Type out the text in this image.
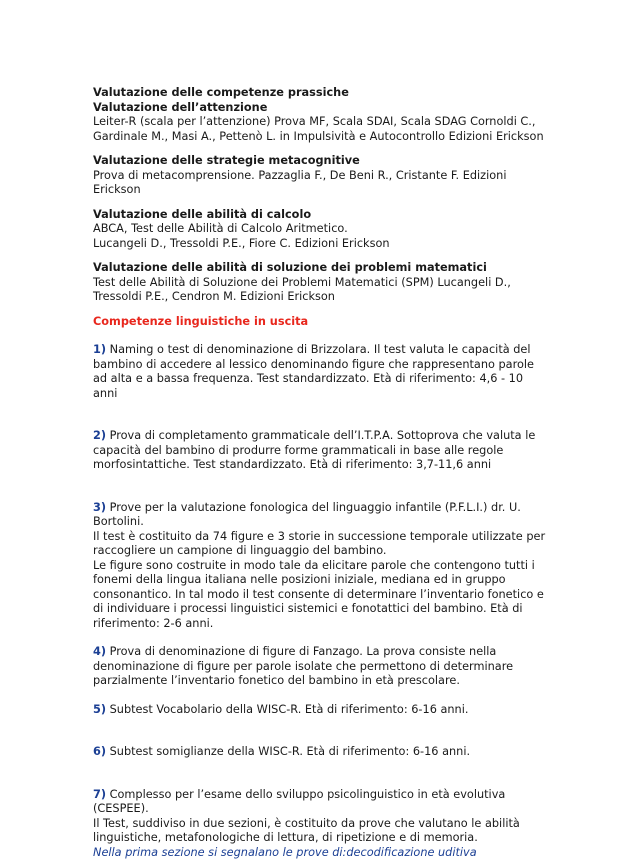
Valutazione delle competenze prassiche

Valutazione dell’attenzione

Leiter-R (scala per l’attenzione) Prova MF, Scala SDAI, Scala SDAG Cornoldi C., Gardinale M., Masi A., Pettenò L. in Impulsività e Autocontrollo Edizioni Erickson

Valutazione delle strategie metacognitive

Prova di metacomprensione. Pazzaglia F., De Beni R., Cristante F. Edizioni Erickson

Valutazione delle abilità di calcolo

ABCA, Test delle Abilità di Calcolo Aritmetico.

Lucangeli D., Tressoldi P.E., Fiore C. Edizioni Erickson

Valutazione delle abilità di soluzione dei problemi matematici

Test delle Abilità di Soluzione dei Problemi Matematici (SPM) Lucangeli D., Tressoldi P.E., Cendron M. Edizioni Erickson

Competenze linguistiche in uscita

1) Naming o test di denominazione di Brizzolara. Il test valuta le capacità del bambino di accedere al lessico denominando figure che rappresentano parole ad alta e a bassa frequenza. Test standardizzato. Età di riferimento: 4,6 - 10 anni

2) Prova di completamento grammaticale dell’I.T.P.A. Sottoprova che valuta le capacità del bambino di produrre forme grammaticali in base alle regole morfosintattiche. Test standardizzato. Età di riferimento: 3,7-11,6 anni

3) Prove per la valutazione fonologica del linguaggio infantile (P.F.L.I.) dr. U. Bortolini.

Il test è costituito da 74 figure e 3 storie in successione temporale utilizzate per raccogliere un campione di linguaggio del bambino.

Le figure sono costruite in modo tale da elicitare parole che contengono tutti i fonemi della lingua italiana nelle posizioni iniziale, mediana ed in gruppo consonantico. In tal modo il test consente di determinare l’inventario fonetico e di individuare i processi linguistici sistemici e fonotattici del bambino. Età di riferimento: 2-6 anni.

4) Prova di denominazione di figure di Fanzago. La prova consiste nella denominazione di figure per parole isolate che permettono di determinare parzialmente l’inventario fonetico del bambino in età prescolare.

5) Subtest Vocabolario della WISC-R. Età di riferimento: 6-16 anni.

6) Subtest somiglianze della WISC-R. Età di riferimento: 6-16 anni.

7) Complesso per l’esame dello sviluppo psicolinguistico in età evolutiva (CESPEE).

Il Test, suddiviso in due sezioni, è costituito da prove che valutano le abilità linguistiche, metafonologiche di lettura, di ripetizione e di memoria.

Nella prima sezione si segnalano le prove di:decodificazione uditiva
